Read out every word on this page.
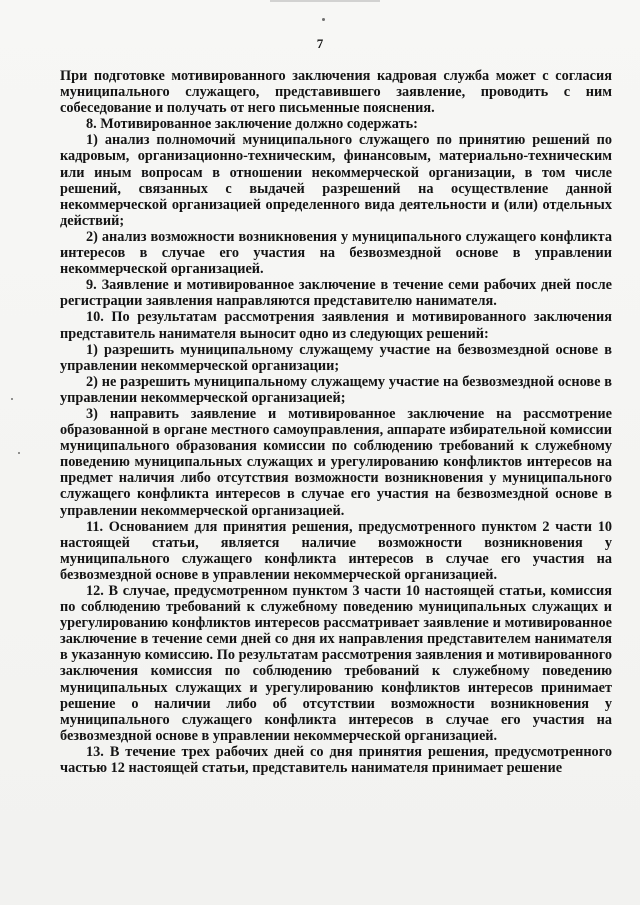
7

При подготовке мотивированного заключения кадровая служба может с согласия муниципального служащего, представившего заявление, проводить с ним собеседование и получать от него письменные пояснения.

8. Мотивированное заключение должно содержать:

1) анализ полномочий муниципального служащего по принятию решений по кадровым, организационно-техническим, финансовым, материально-техническим или иным вопросам в отношении некоммерческой организации, в том числе решений, связанных с выдачей разрешений на осуществление данной некоммерческой организацией определенного вида деятельности и (или) отдельных действий;

2) анализ возможности возникновения у муниципального служащего конфликта интересов в случае его участия на безвозмездной основе в управлении некоммерческой организацией.

9. Заявление и мотивированное заключение в течение семи рабочих дней после регистрации заявления направляются представителю нанимателя.

10. По результатам рассмотрения заявления и мотивированного заключения представитель нанимателя выносит одно из следующих решений:

1) разрешить муниципальному служащему участие на безвозмездной основе в управлении некоммерческой организации;

2) не разрешить муниципальному служащему участие на безвозмездной основе в управлении некоммерческой организацией;

3) направить заявление и мотивированное заключение на рассмотрение образованной в органе местного самоуправления, аппарате избирательной комиссии муниципального образования комиссии по соблюдению требований к служебному поведению муниципальных служащих и урегулированию конфликтов интересов на предмет наличия либо отсутствия возможности возникновения у муниципального служащего конфликта интересов в случае его участия на безвозмездной основе в управлении некоммерческой организацией.

11. Основанием для принятия решения, предусмотренного пунктом 2 части 10 настоящей статьи, является наличие возможности возникновения у муниципального служащего конфликта интересов в случае его участия на безвозмездной основе в управлении некоммерческой организацией.

12. В случае, предусмотренном пунктом 3 части 10 настоящей статьи, комиссия по соблюдению требований к служебному поведению муниципальных служащих и урегулированию конфликтов интересов рассматривает заявление и мотивированное заключение в течение семи дней со дня их направления представителем нанимателя в указанную комиссию. По результатам рассмотрения заявления и мотивированного заключения комиссия по соблюдению требований к служебному поведению муниципальных служащих и урегулированию конфликтов интересов принимает решение о наличии либо об отсутствии возможности возникновения у муниципального служащего конфликта интересов в случае его участия на безвозмездной основе в управлении некоммерческой организацией.

13. В течение трех рабочих дней со дня принятия решения, предусмотренного частью 12 настоящей статьи, представитель нанимателя принимает решение
